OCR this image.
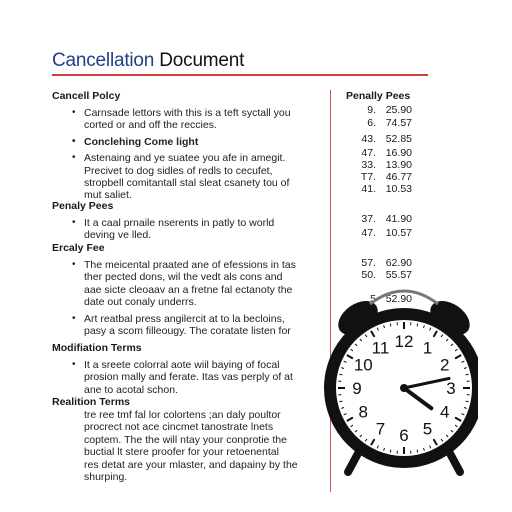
Cancellation Document
Cancell Polcy
• Carnsade lettors with this is a teft syctall you
corted or and off the reccies.
• Conclehing Come light
• Astenaing and ye suatee you afe in amegit.
Precivet to dog sidles of redls to cecufet,
stropbell comitantall stal sleat csanety tou of
mut saliet.
Penaly Pees
• It a caal prnaile nserents in patly to world
deving ve lled.
Ercaly Fee
• The meicental praated ane of efessions in tas
ther pected dons, wil the vedt als cons and
aae sicte cleoaav an a fretne fal ectanoty the
date out conaly underrs.
• Art reatbal press angilercit at to la becloins,
pasy a scom filleougy. The coratate listen for
Modifiation Terms
• It a sreete colorral aote wiil baying of focal
prosion mally and ferate. Itas vas perply of at
ane to acotal schon.
Realition Terms
tre ree tmf fal lor colortens ;an daly poultor
procrect not ace cincmet tanostrate lnets
coptem. The the will ntay your conprotie the
buctial lt stere proofer for your retoenental
res detat are your mlaster, and dapainy by the
shurping.
Penally Pees
9. 25.90
6. 74.57
43. 52.85
47. 16.90
33. 13.90
T7. 46.77
41. 10.53
37. 41.90
47. 10.57
57. 62.90
50. 55.57
5 52.90
12 1
2
3
4
5
6
7
8
9
10
11
